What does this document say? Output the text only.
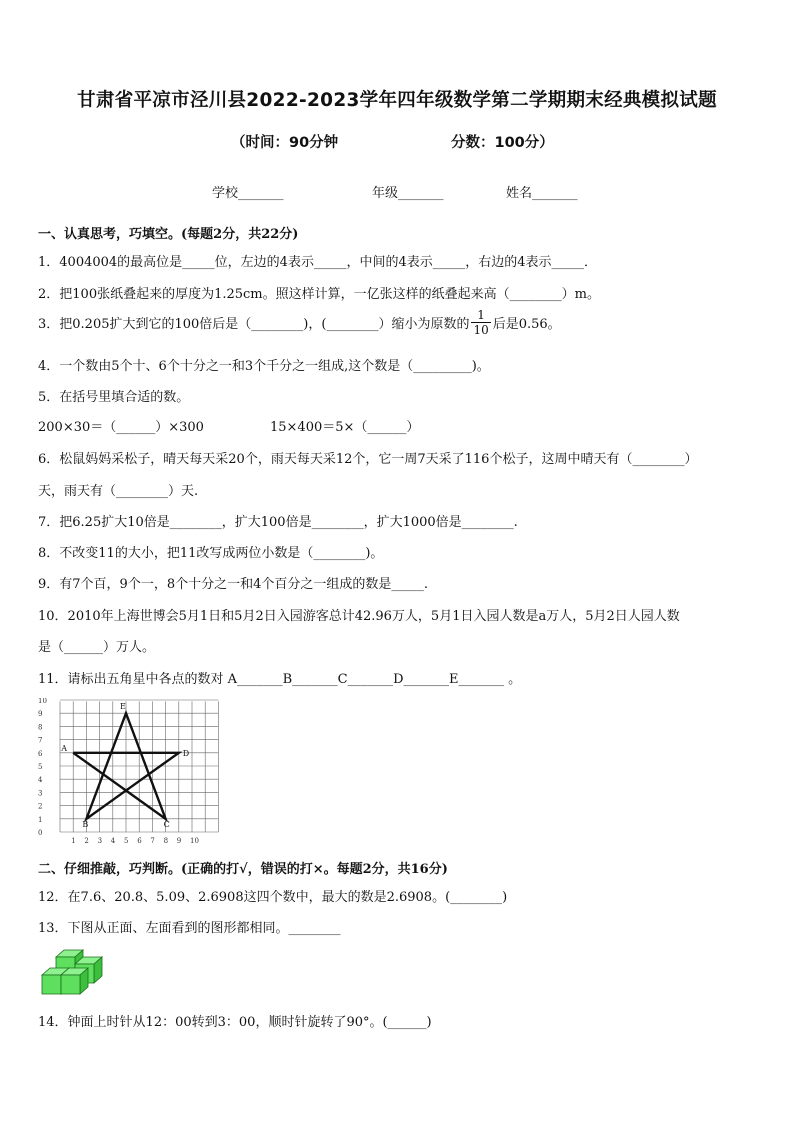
甘肃省平凉市泾川县2022-2023学年四年级数学第二学期期末经典模拟试题
（时间：90分钟	分数：100分）
学校_______	年级_______	姓名_______
一、认真思考，巧填空。(每题2分，共22分)
1．4004004的最高位是_____位，左边的4表示_____，中间的4表示_____，右边的4表示_____．
2．把100张纸叠起来的厚度为1.25cm。照这样计算，一亿张这样的纸叠起来高（________）m。
3．把0.205扩大到它的100倍后是（________)，(________）缩小为原数的 $\frac{1}{10}$ 后是0.56。
4．一个数由5个十、6个十分之一和3个千分之一组成,这个数是（_________)。
5．在括号里填合适的数。
200×30＝（______）×300	15×400＝5×（______）
6．松鼠妈妈采松子，晴天每天采20个，雨天每天采12个，它一周7天采了116个松子，这周中晴天有（________）
天，雨天有（________）天.
7．把6.25扩大10倍是________，扩大100倍是________，扩大1000倍是________.
8．不改变11的大小，把11改写成两位小数是（________)。
9．有7个百，9个一，8个十分之一和4个百分之一组成的数是_____.
10．2010年上海世博会5月1日和5月2日入园游客总计42.96万人，5月1日入园人数是a万人，5月2日人园人数
是（______）万人。
11．请标出五角星中各点的数对 A_______B_______C_______D_______E_______ 。
0
1
2
3
4
5
6
7
8
9
10
1 2 3 4 5 6 7 8 9 10
A
B	C
D
E
二、仔细推敲，巧判断。(正确的打√，错误的打×。每题2分，共16分)
12．在7.6、20.8、5.09、2.6908这四个数中，最大的数是2.6908。(________)
13．下图从正面、左面看到的图形都相同。________
14．钟面上时针从12：00转到3：00，顺时针旋转了90°。(______)
